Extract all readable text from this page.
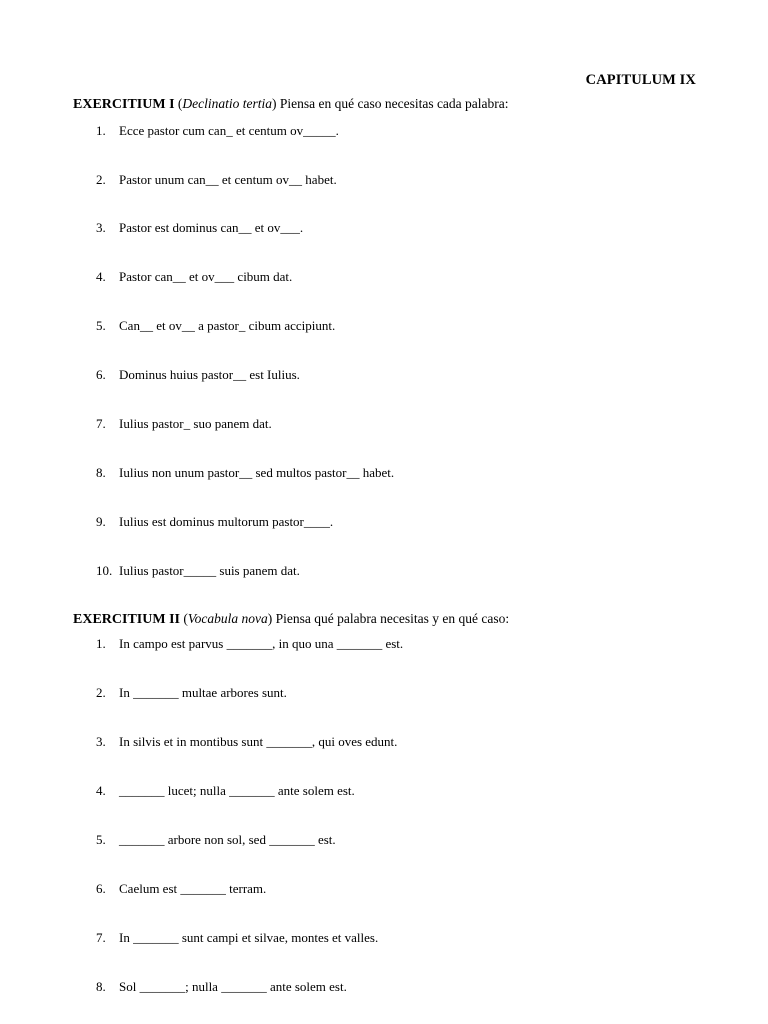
CAPITULUM IX
EXERCITIUM I (Declinatio tertia) Piensa en qué caso necesitas cada palabra:
1.	Ecce pastor cum can_ et centum ov_____.
2.	Pastor unum can__ et centum ov__ habet.
3.	Pastor est dominus can__ et ov___.
4.	Pastor can__ et ov___ cibum dat.
5.	Can__ et ov__ a pastor_ cibum accipiunt.
6.	Dominus huius pastor__ est Iulius.
7.	Iulius pastor_ suo panem dat.
8.	Iulius non unum pastor__ sed multos pastor__ habet.
9.	Iulius est dominus multorum pastor____.
10. Iulius pastor_____ suis panem dat.
EXERCITIUM II (Vocabula nova) Piensa qué palabra necesitas y en qué caso:
1.	In campo est parvus _______, in quo una _______ est.
2.	In _______ multae arbores sunt.
3.	In silvis et in montibus sunt _______, qui oves edunt.
4.	_______ lucet; nulla _______ ante solem est.
5.	_______ arbore non sol, sed _______ est.
6.	Caelum est _______ terram.
7.	In _______ sunt campi et silvae, montes et valles.
8.	Sol _______; nulla _______ ante solem est.
